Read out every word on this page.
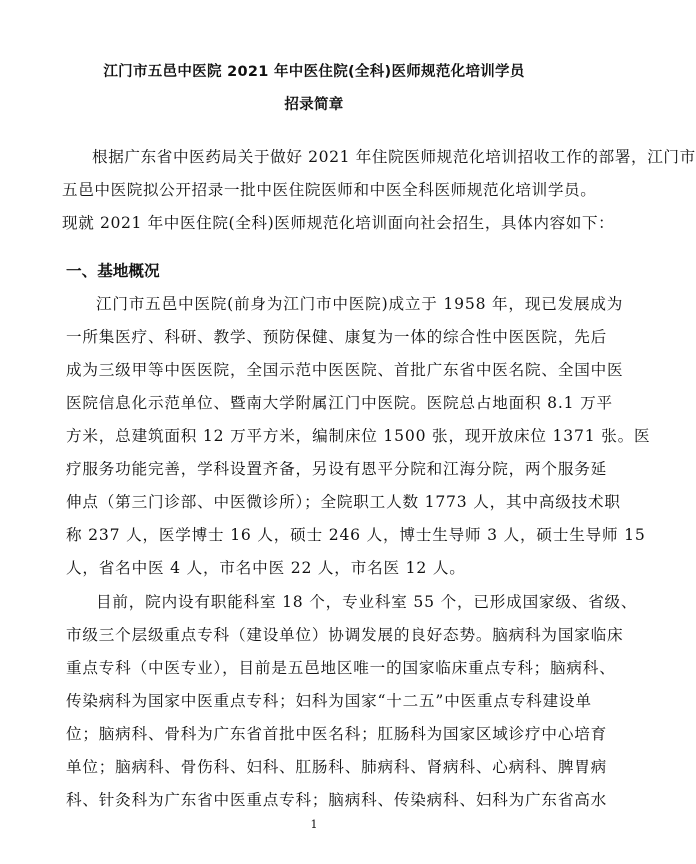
江门市五邑中医院 2021 年中医住院(全科)医师规范化培训学员
招录简章
根据广东省中医药局关于做好 2021 年住院医师规范化培训招收工作的部署，江门市
五邑中医院拟公开招录一批中医住院医师和中医全科医师规范化培训学员。
现就 2021 年中医住院(全科)医师规范化培训面向社会招生，具体内容如下：
一、基地概况
江门市五邑中医院(前身为江门市中医院)成立于 1958 年，现已发展成为
一所集医疗、科研、教学、预防保健、康复为一体的综合性中医医院，先后
成为三级甲等中医医院，全国示范中医医院、首批广东省中医名院、全国中医
医院信息化示范单位、暨南大学附属江门中医院。医院总占地面积 8.1 万平
方米，总建筑面积 12 万平方米，编制床位 1500 张，现开放床位 1371 张。医
疗服务功能完善，学科设置齐备，另设有恩平分院和江海分院，两个服务延
伸点（第三门诊部、中医微诊所）；全院职工人数 1773 人，其中高级技术职
称 237 人，医学博士 16 人，硕士 246 人，博士生导师 3 人，硕士生导师 15
人，省名中医 4 人，市名中医 22 人，市名医 12 人。
目前，院内设有职能科室 18 个，专业科室 55 个，已形成国家级、省级、
市级三个层级重点专科（建设单位）协调发展的良好态势。脑病科为国家临床
重点专科（中医专业），目前是五邑地区唯一的国家临床重点专科；脑病科、
传染病科为国家中医重点专科；妇科为国家“十二五”中医重点专科建设单
位；脑病科、骨科为广东省首批中医名科；肛肠科为国家区域诊疗中心培育
单位；脑病科、骨伤科、妇科、肛肠科、肺病科、肾病科、心病科、脾胃病
科、针灸科为广东省中医重点专科；脑病科、传染病科、妇科为广东省高水
1
